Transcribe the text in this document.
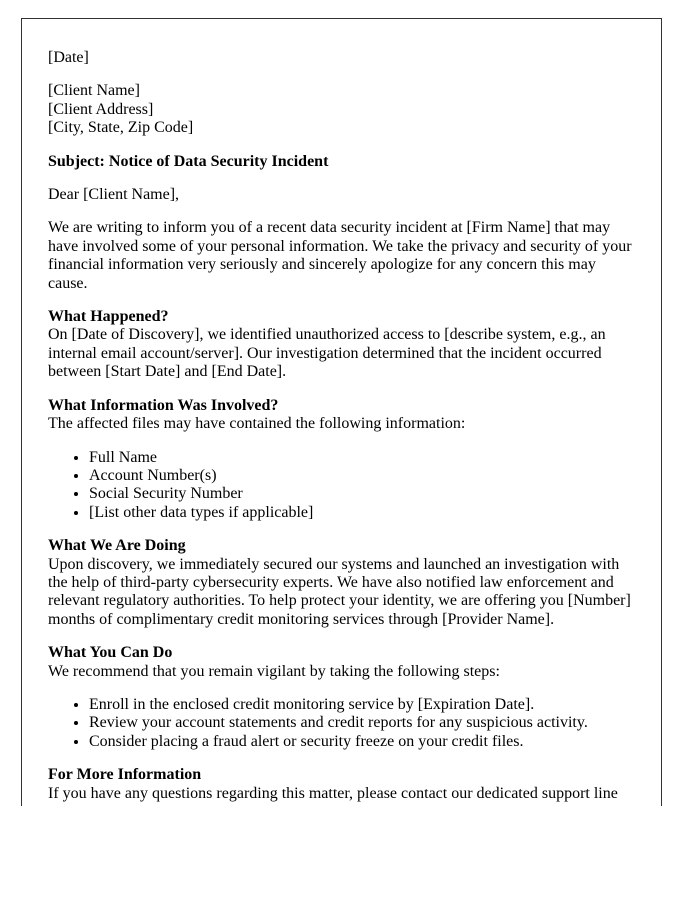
[Date]

[Client Name]
[Client Address]
[City, State, Zip Code]

Subject: Notice of Data Security Incident

Dear [Client Name],

We are writing to inform you of a recent data security incident at [Firm Name] that may have involved some of your personal information. We take the privacy and security of your financial information very seriously and sincerely apologize for any concern this may cause.

What Happened?
On [Date of Discovery], we identified unauthorized access to [describe system, e.g., an internal email account/server]. Our investigation determined that the incident occurred between [Start Date] and [End Date].

What Information Was Involved?
The affected files may have contained the following information:

• Full Name
• Account Number(s)
• Social Security Number
• [List other data types if applicable]

What We Are Doing
Upon discovery, we immediately secured our systems and launched an investigation with the help of third-party cybersecurity experts. We have also notified law enforcement and relevant regulatory authorities. To help protect your identity, we are offering you [Number] months of complimentary credit monitoring services through [Provider Name].

What You Can Do
We recommend that you remain vigilant by taking the following steps:

• Enroll in the enclosed credit monitoring service by [Expiration Date].
• Review your account statements and credit reports for any suspicious activity.
• Consider placing a fraud alert or security freeze on your credit files.

For More Information
If you have any questions regarding this matter, please contact our dedicated support line
